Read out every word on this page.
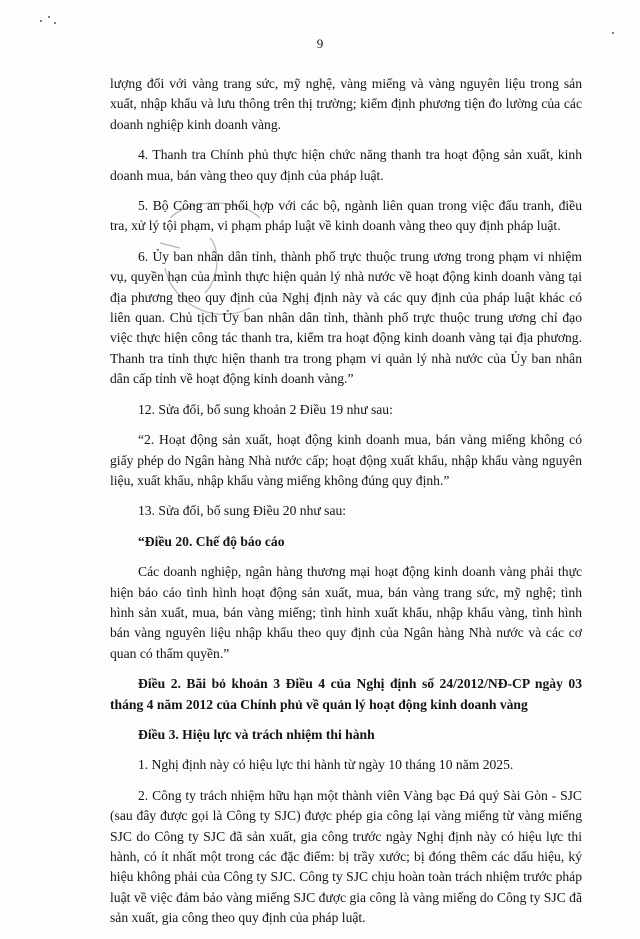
9

lượng đối với vàng trang sức, mỹ nghệ, vàng miếng và vàng nguyên liệu trong sản xuất, nhập khẩu và lưu thông trên thị trường; kiểm định phương tiện đo lường của các doanh nghiệp kinh doanh vàng.

4. Thanh tra Chính phủ thực hiện chức năng thanh tra hoạt động sản xuất, kinh doanh mua, bán vàng theo quy định của pháp luật.

5. Bộ Công an phối hợp với các bộ, ngành liên quan trong việc đấu tranh, điều tra, xử lý tội phạm, vi phạm pháp luật về kinh doanh vàng theo quy định pháp luật.

6. Ủy ban nhân dân tỉnh, thành phố trực thuộc trung ương trong phạm vi nhiệm vụ, quyền hạn của mình thực hiện quản lý nhà nước về hoạt động kinh doanh vàng tại địa phương theo quy định của Nghị định này và các quy định của pháp luật khác có liên quan. Chủ tịch Ủy ban nhân dân tỉnh, thành phố trực thuộc trung ương chỉ đạo việc thực hiện công tác thanh tra, kiểm tra hoạt động kinh doanh vàng tại địa phương. Thanh tra tỉnh thực hiện thanh tra trong phạm vi quản lý nhà nước của Ủy ban nhân dân cấp tỉnh về hoạt động kinh doanh vàng.”

12. Sửa đổi, bổ sung khoản 2 Điều 19 như sau:

“2. Hoạt động sản xuất, hoạt động kinh doanh mua, bán vàng miếng không có giấy phép do Ngân hàng Nhà nước cấp; hoạt động xuất khẩu, nhập khẩu vàng nguyên liệu, xuất khẩu, nhập khẩu vàng miếng không đúng quy định.”

13. Sửa đổi, bổ sung Điều 20 như sau:

“Điều 20. Chế độ báo cáo

Các doanh nghiệp, ngân hàng thương mại hoạt động kinh doanh vàng phải thực hiện báo cáo tình hình hoạt động sản xuất, mua, bán vàng trang sức, mỹ nghệ; tình hình sản xuất, mua, bán vàng miếng; tình hình xuất khẩu, nhập khẩu vàng, tình hình bán vàng nguyên liệu nhập khẩu theo quy định của Ngân hàng Nhà nước và các cơ quan có thẩm quyền.”

Điều 2. Bãi bỏ khoản 3 Điều 4 của Nghị định số 24/2012/NĐ-CP ngày 03 tháng 4 năm 2012 của Chính phủ về quản lý hoạt động kinh doanh vàng

Điều 3. Hiệu lực và trách nhiệm thi hành

1. Nghị định này có hiệu lực thi hành từ ngày 10 tháng 10 năm 2025.

2. Công ty trách nhiệm hữu hạn một thành viên Vàng bạc Đá quý Sài Gòn - SJC (sau đây được gọi là Công ty SJC) được phép gia công lại vàng miếng từ vàng miếng SJC do Công ty SJC đã sản xuất, gia công trước ngày Nghị định này có hiệu lực thi hành, có ít nhất một trong các đặc điểm: bị trầy xước; bị đóng thêm các dấu hiệu, ký hiệu không phải của Công ty SJC. Công ty SJC chịu hoàn toàn trách nhiệm trước pháp luật về việc đảm bảo vàng miếng SJC được gia công là vàng miếng do Công ty SJC đã sản xuất, gia công theo quy định của pháp luật.
